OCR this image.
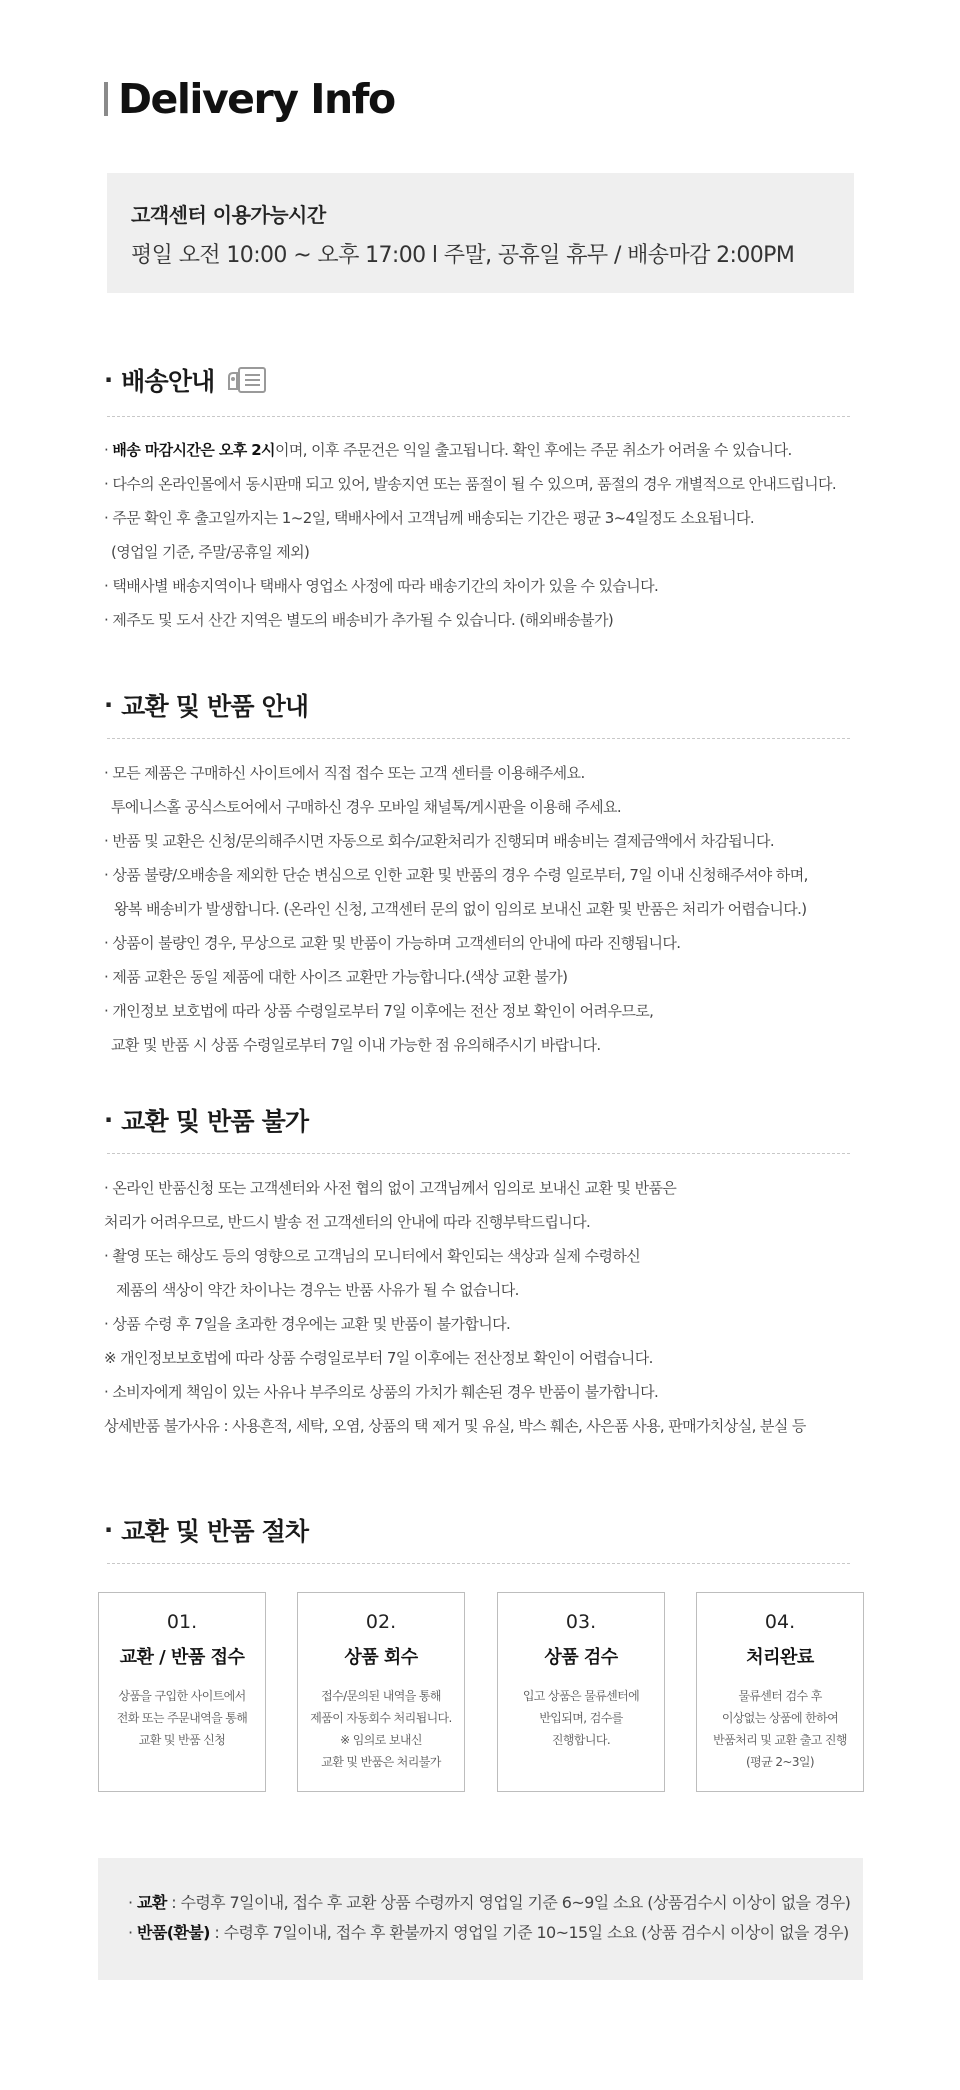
Delivery Info
고객센터 이용가능시간
평일 오전 10:00 ~ 오후 17:00 l 주말, 공휴일 휴무 / 배송마감 2:00PM
· 배송안내
· 배송 마감시간은 오후 2시이며, 이후 주문건은 익일 출고됩니다. 확인 후에는 주문 취소가 어려울 수 있습니다.
· 다수의 온라인몰에서 동시판매 되고 있어, 발송지연 또는 품절이 될 수 있으며, 품절의 경우 개별적으로 안내드립니다.
· 주문 확인 후 출고일까지는 1~2일, 택배사에서 고객님께 배송되는 기간은 평균 3~4일정도 소요됩니다.
(영업일 기준, 주말/공휴일 제외)
· 택배사별 배송지역이나 택배사 영업소 사정에 따라 배송기간의 차이가 있을 수 있습니다.
· 제주도 및 도서 산간 지역은 별도의 배송비가 추가될 수 있습니다. (해외배송불가)
· 교환 및 반품 안내
· 모든 제품은 구매하신 사이트에서 직접 접수 또는 고객 센터를 이용해주세요.
투에니스홀 공식스토어에서 구매하신 경우 모바일 채널톡/게시판을 이용해 주세요.
· 반품 및 교환은 신청/문의해주시면 자동으로 회수/교환처리가 진행되며 배송비는 결제금액에서 차감됩니다.
· 상품 불량/오배송을 제외한 단순 변심으로 인한 교환 및 반품의 경우 수령 일로부터, 7일 이내 신청해주셔야 하며,
왕복 배송비가 발생합니다. (온라인 신청, 고객센터 문의 없이 임의로 보내신 교환 및 반품은 처리가 어렵습니다.)
· 상품이 불량인 경우, 무상으로 교환 및 반품이 가능하며 고객센터의 안내에 따라 진행됩니다.
· 제품 교환은 동일 제품에 대한 사이즈 교환만 가능합니다.(색상 교환 불가)
· 개인정보 보호법에 따라 상품 수령일로부터 7일 이후에는 전산 정보 확인이 어려우므로,
교환 및 반품 시 상품 수령일로부터 7일 이내 가능한 점 유의해주시기 바랍니다.
· 교환 및 반품 불가
· 온라인 반품신청 또는 고객센터와 사전 협의 없이 고객님께서 임의로 보내신 교환 및 반품은
처리가 어려우므로, 반드시 발송 전 고객센터의 안내에 따라 진행부탁드립니다.
· 촬영 또는 해상도 등의 영향으로 고객님의 모니터에서 확인되는 색상과 실제 수령하신
제품의 색상이 약간 차이나는 경우는 반품 사유가 될 수 없습니다.
· 상품 수령 후 7일을 초과한 경우에는 교환 및 반품이 불가합니다.
※ 개인정보보호법에 따라 상품 수령일로부터 7일 이후에는 전산정보 확인이 어렵습니다.
· 소비자에게 책임이 있는 사유나 부주의로 상품의 가치가 훼손된 경우 반품이 불가합니다.
상세반품 불가사유 : 사용흔적, 세탁, 오염, 상품의 택 제거 및 유실, 박스 훼손, 사은품 사용, 판매가치상실, 분실 등
· 교환 및 반품 절차
01.
교환 / 반품 접수
상품을 구입한 사이트에서
전화 또는 주문내역을 통해
교환 및 반품 신청
02.
상품 회수
접수/문의된 내역을 통해
제품이 자동회수 처리됩니다.
※ 임의로 보내신
교환 및 반품은 처리불가
03.
상품 검수
입고 상품은 물류센터에
반입되며, 검수를
진행합니다.
04.
처리완료
물류센터 검수 후
이상없는 상품에 한하여
반품처리 및 교환 출고 진행
(평균 2~3일)
· 교환 : 수령후 7일이내, 접수 후 교환 상품 수령까지 영업일 기준 6~9일 소요 (상품검수시 이상이 없을 경우)
· 반품(환불) : 수령후 7일이내, 접수 후 환불까지 영업일 기준 10~15일 소요 (상품 검수시 이상이 없을 경우)
